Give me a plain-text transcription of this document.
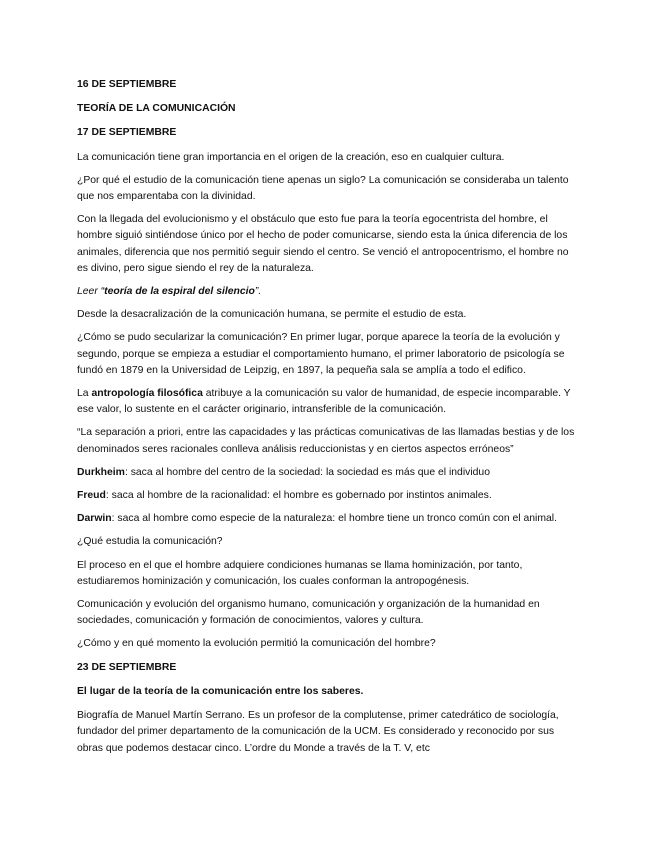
16 DE SEPTIEMBRE
TEORÍA DE LA COMUNICACIÓN
17 DE SEPTIEMBRE

La comunicación tiene gran importancia en el origen de la creación, eso en cualquier cultura.

¿Por qué el estudio de la comunicación tiene apenas un siglo? La comunicación se consideraba un talento que nos emparentaba con la divinidad.

Con la llegada del evolucionismo y el obstáculo que esto fue para la teoría egocentrista del hombre, el hombre siguió sintiéndose único por el hecho de poder comunicarse, siendo esta la única diferencia de los animales, diferencia que nos permitió seguir siendo el centro. Se venció el antropocentrismo, el hombre no es divino, pero sigue siendo el rey de la naturaleza.

Leer “teoría de la espiral del silencio”.

Desde la desacralización de la comunicación humana, se permite el estudio de esta.

¿Cómo se pudo secularizar la comunicación? En primer lugar, porque aparece la teoría de la evolución y segundo, porque se empieza a estudiar el comportamiento humano, el primer laboratorio de psicología se fundó en 1879 en la Universidad de Leipzig, en 1897, la pequeña sala se amplía a todo el edifico.

La antropología filosófica atribuye a la comunicación su valor de humanidad, de especie incomparable. Y ese valor, lo sustente en el carácter originario, intransferible de la comunicación.

“La separación a priori, entre las capacidades y las prácticas comunicativas de las llamadas bestias y de los denominados seres racionales conlleva análisis reduccionistas y en ciertos aspectos erróneos”

Durkheim: saca al hombre del centro de la sociedad: la sociedad es más que el individuo

Freud: saca al hombre de la racionalidad: el hombre es gobernado por instintos animales.

Darwin: saca al hombre como especie de la naturaleza: el hombre tiene un tronco común con el animal.

¿Qué estudia la comunicación?

El proceso en el que el hombre adquiere condiciones humanas se llama hominización, por tanto, estudiaremos hominización y comunicación, los cuales conforman la antropogénesis.

Comunicación y evolución del organismo humano, comunicación y organización de la humanidad en sociedades, comunicación y formación de conocimientos, valores y cultura.

¿Cómo y en qué momento la evolución permitió la comunicación del hombre?

23 DE SEPTIEMBRE
El lugar de la teoría de la comunicación entre los saberes.

Biografía de Manuel Martín Serrano. Es un profesor de la complutense, primer catedrático de sociología, fundador del primer departamento de la comunicación de la UCM. Es considerado y reconocido por sus obras que podemos destacar cinco. L’ordre du Monde a través de la T. V, etc
